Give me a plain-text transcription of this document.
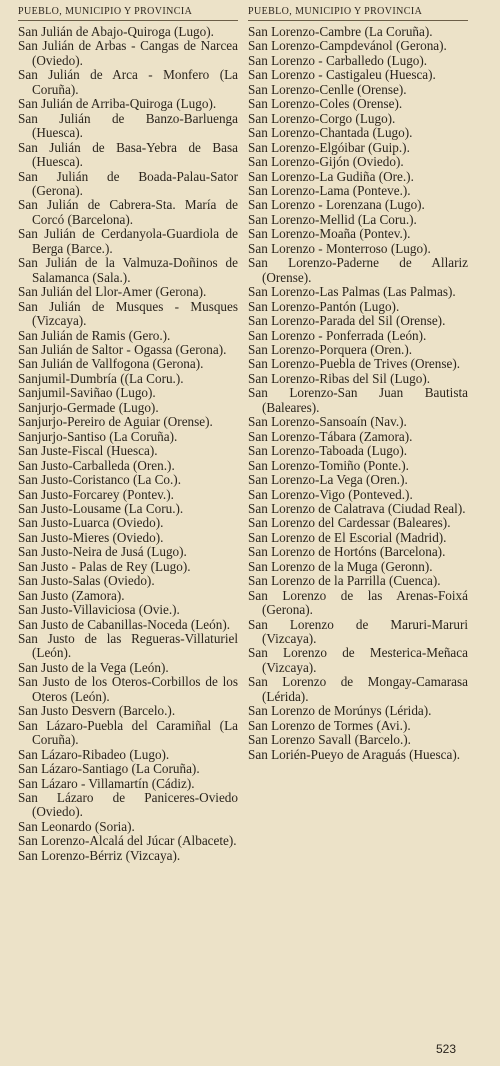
PUEBLO, MUNICIPIO Y PROVINCIA
San Julián de Abajo-Quiroga (Lugo).
San Julián de Arbas - Cangas de Narcea (Oviedo).
San Julián de Arca - Monfero (La Coruña).
San Julián de Arriba-Quiroga (Lugo).
San Julián de Banzo-Barluenga (Huesca).
San Julián de Basa-Yebra de Basa (Huesca).
San Julián de Boada-Palau-Sator (Gerona).
San Julián de Cabrera-Sta. María de Corcó (Barcelona).
San Julián de Cerdanyola-Guardiola de Berga (Barce.).
San Julián de la Valmuza-Doñinos de Salamanca (Sala.).
San Julián del Llor-Amer (Gerona).
San Julián de Musques - Musques (Vizcaya).
San Julián de Ramis (Gero.).
San Julián de Saltor - Ogassa (Gerona).
San Julián de Vallfogona (Gerona).
Sanjumil-Dumbría ((La Coru.).
Sanjumil-Saviñao (Lugo).
Sanjurjo-Germade (Lugo).
Sanjurjo-Pereiro de Aguiar (Orense).
Sanjurjo-Santiso (La Coruña).
San Juste-Fiscal (Huesca).
San Justo-Carballeda (Oren.).
San Justo-Coristanco (La Co.).
San Justo-Forcarey (Pontev.).
San Justo-Lousame (La Coru.).
San Justo-Luarca (Oviedo).
San Justo-Mieres (Oviedo).
San Justo-Neira de Jusá (Lugo).
San Justo - Palas de Rey (Lugo).
San Justo-Salas (Oviedo).
San Justo (Zamora).
San Justo-Villaviciosa (Ovie.).
San Justo de Cabanillas-Noceda (León).
San Justo de las Regueras-Villaturiel (León).
San Justo de la Vega (León).
San Justo de los Oteros-Corbillos de los Oteros (León).
San Justo Desvern (Barcelo.).
San Lázaro-Puebla del Caramiñal (La Coruña).
San Lázaro-Ribadeo (Lugo).
San Lázaro-Santiago (La Coruña).
San Lázaro - Villamartín (Cádiz).
San Lázaro de Paniceres-Oviedo (Oviedo).
San Leonardo (Soria).
San Lorenzo-Alcalá del Júcar (Albacete).
San Lorenzo-Bérriz (Vizcaya).
PUEBLO, MUNICIPIO Y PROVINCIA
San Lorenzo-Cambre (La Coruña).
San Lorenzo-Campdevánol (Gerona).
San Lorenzo - Carballedo (Lugo).
San Lorenzo - Castigaleu (Huesca).
San Lorenzo-Cenlle (Orense).
San Lorenzo-Coles (Orense).
San Lorenzo-Corgo (Lugo).
San Lorenzo-Chantada (Lugo).
San Lorenzo-Elgóibar (Guip.).
San Lorenzo-Gijón (Oviedo).
San Lorenzo-La Gudiña (Ore.).
San Lorenzo-Lama (Ponteve.).
San Lorenzo - Lorenzana (Lugo).
San Lorenzo-Mellid (La Coru.).
San Lorenzo-Moaña (Pontev.).
San Lorenzo - Monterroso (Lugo).
San Lorenzo-Paderne de Allariz (Orense).
San Lorenzo-Las Palmas (Las Palmas).
San Lorenzo-Pantón (Lugo).
San Lorenzo-Parada del Sil (Orense).
San Lorenzo - Ponferrada (León).
San Lorenzo-Porquera (Oren.).
San Lorenzo-Puebla de Trives (Orense).
San Lorenzo-Ribas del Sil (Lugo).
San Lorenzo-San Juan Bautista (Baleares).
San Lorenzo-Sansoaín (Nav.).
San Lorenzo-Tábara (Zamora).
San Lorenzo-Taboada (Lugo).
San Lorenzo-Tomiño (Ponte.).
San Lorenzo-La Vega (Oren.).
San Lorenzo-Vigo (Ponteved.).
San Lorenzo de Calatrava (Ciudad Real).
San Lorenzo del Cardessar (Baleares).
San Lorenzo de El Escorial (Madrid).
San Lorenzo de Hortóns (Barcelona).
San Lorenzo de la Muga (Geronn).
San Lorenzo de la Parrilla (Cuenca).
San Lorenzo de las Arenas-Foixá (Gerona).
San Lorenzo de Maruri-Maruri (Vizcaya).
San Lorenzo de Mesterica-Meñaca (Vizcaya).
San Lorenzo de Mongay-Camarasa (Lérida).
San Lorenzo de Morúnys (Lérida).
San Lorenzo de Tormes (Avi.).
San Lorenzo Savall (Barcelo.).
San Lorién-Pueyo de Araguás (Huesca).
523
